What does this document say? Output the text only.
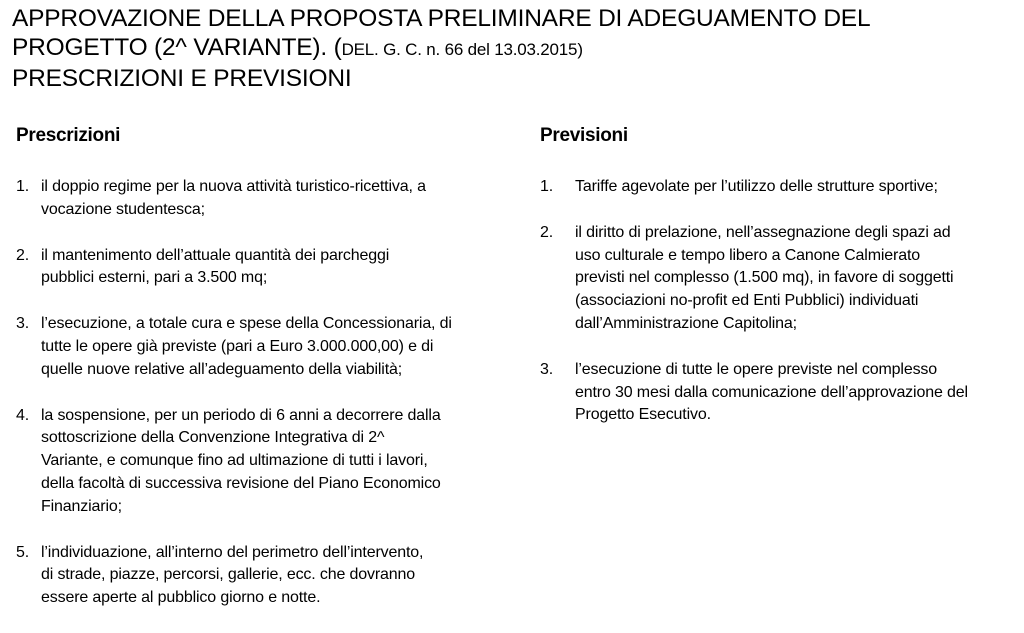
APPROVAZIONE DELLA PROPOSTA PRELIMINARE DI ADEGUAMENTO DEL
PROGETTO (2^ VARIANTE). (DEL. G. C. n. 66 del 13.03.2015)
PRESCRIZIONI E PREVISIONI
Prescrizioni
1. il doppio regime per la nuova attività turistico-ricettiva, a
vocazione studentesca;
2. il mantenimento dell’attuale quantità dei parcheggi
pubblici esterni, pari a 3.500 mq;
3. l’esecuzione, a totale cura e spese della Concessionaria, di
tutte le opere già previste (pari a Euro 3.000.000,00) e di
quelle nuove relative all’adeguamento della viabilità;
4. la sospensione, per un periodo di 6 anni a decorrere dalla
sottoscrizione della Convenzione Integrativa di 2^
Variante, e comunque fino ad ultimazione di tutti i lavori,
della facoltà di successiva revisione del Piano Economico
Finanziario;
5. l’individuazione, all’interno del perimetro dell’intervento,
di strade, piazze, percorsi, gallerie, ecc. che dovranno
essere aperte al pubblico giorno e notte.
Previsioni
1. Tariffe agevolate per l’utilizzo delle strutture sportive;
2. il diritto di prelazione, nell’assegnazione degli spazi ad
uso culturale e tempo libero a Canone Calmierato
previsti nel complesso (1.500 mq), in favore di soggetti
(associazioni no-profit ed Enti Pubblici) individuati
dall’Amministrazione Capitolina;
3. l’esecuzione di tutte le opere previste nel complesso
entro 30 mesi dalla comunicazione dell’approvazione del
Progetto Esecutivo.
